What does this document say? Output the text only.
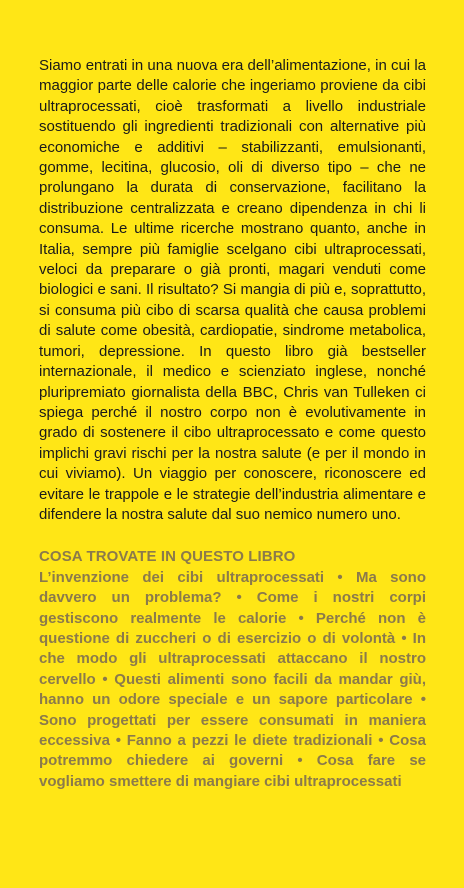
Siamo entrati in una nuova era dell’alimentazione, in cui la maggior parte delle calorie che ingeriamo proviene da cibi ultraprocessati, cioè trasformati a livello industriale sostituendo gli ingredienti tradizionali con alternative più economiche e additivi – stabilizzanti, emulsionanti, gomme, lecitina, glucosio, oli di diverso tipo – che ne prolungano la durata di conservazione, facilitano la distribuzione centralizzata e creano dipendenza in chi li consuma. Le ultime ricerche mostrano quanto, anche in Italia, sempre più famiglie scelgano cibi ultraprocessati, veloci da preparare o già pronti, magari venduti come biologici e sani. Il risultato? Si mangia di più e, soprattutto, si consuma più cibo di scarsa qualità che causa problemi di salute come obesità, cardiopatie, sindrome metabolica, tumori, depressione. In questo libro già bestseller internazionale, il medico e scienziato inglese, nonché pluripremiato giornalista della BBC, Chris van Tulleken ci spiega perché il nostro corpo non è evolutivamente in grado di sostenere il cibo ultraprocessato e come questo implichi gravi rischi per la nostra salute (e per il mondo in cui viviamo). Un viaggio per conoscere, riconoscere ed evitare le trappole e le strategie dell’industria alimentare e difendere la nostra salute dal suo nemico numero uno.

COSA TROVATE IN QUESTO LIBRO

L’invenzione dei cibi ultraprocessati • Ma sono davvero un problema? • Come i nostri corpi gestiscono realmente le calorie • Perché non è questione di zuccheri o di esercizio o di volontà • In che modo gli ultraprocessati attaccano il nostro cervello • Questi alimenti sono facili da mandar giù, hanno un odore speciale e un sapore particolare • Sono progettati per essere consumati in maniera eccessiva • Fanno a pezzi le diete tradizionali • Cosa potremmo chiedere ai governi • Cosa fare se vogliamo smettere di mangiare cibi ultraprocessati
